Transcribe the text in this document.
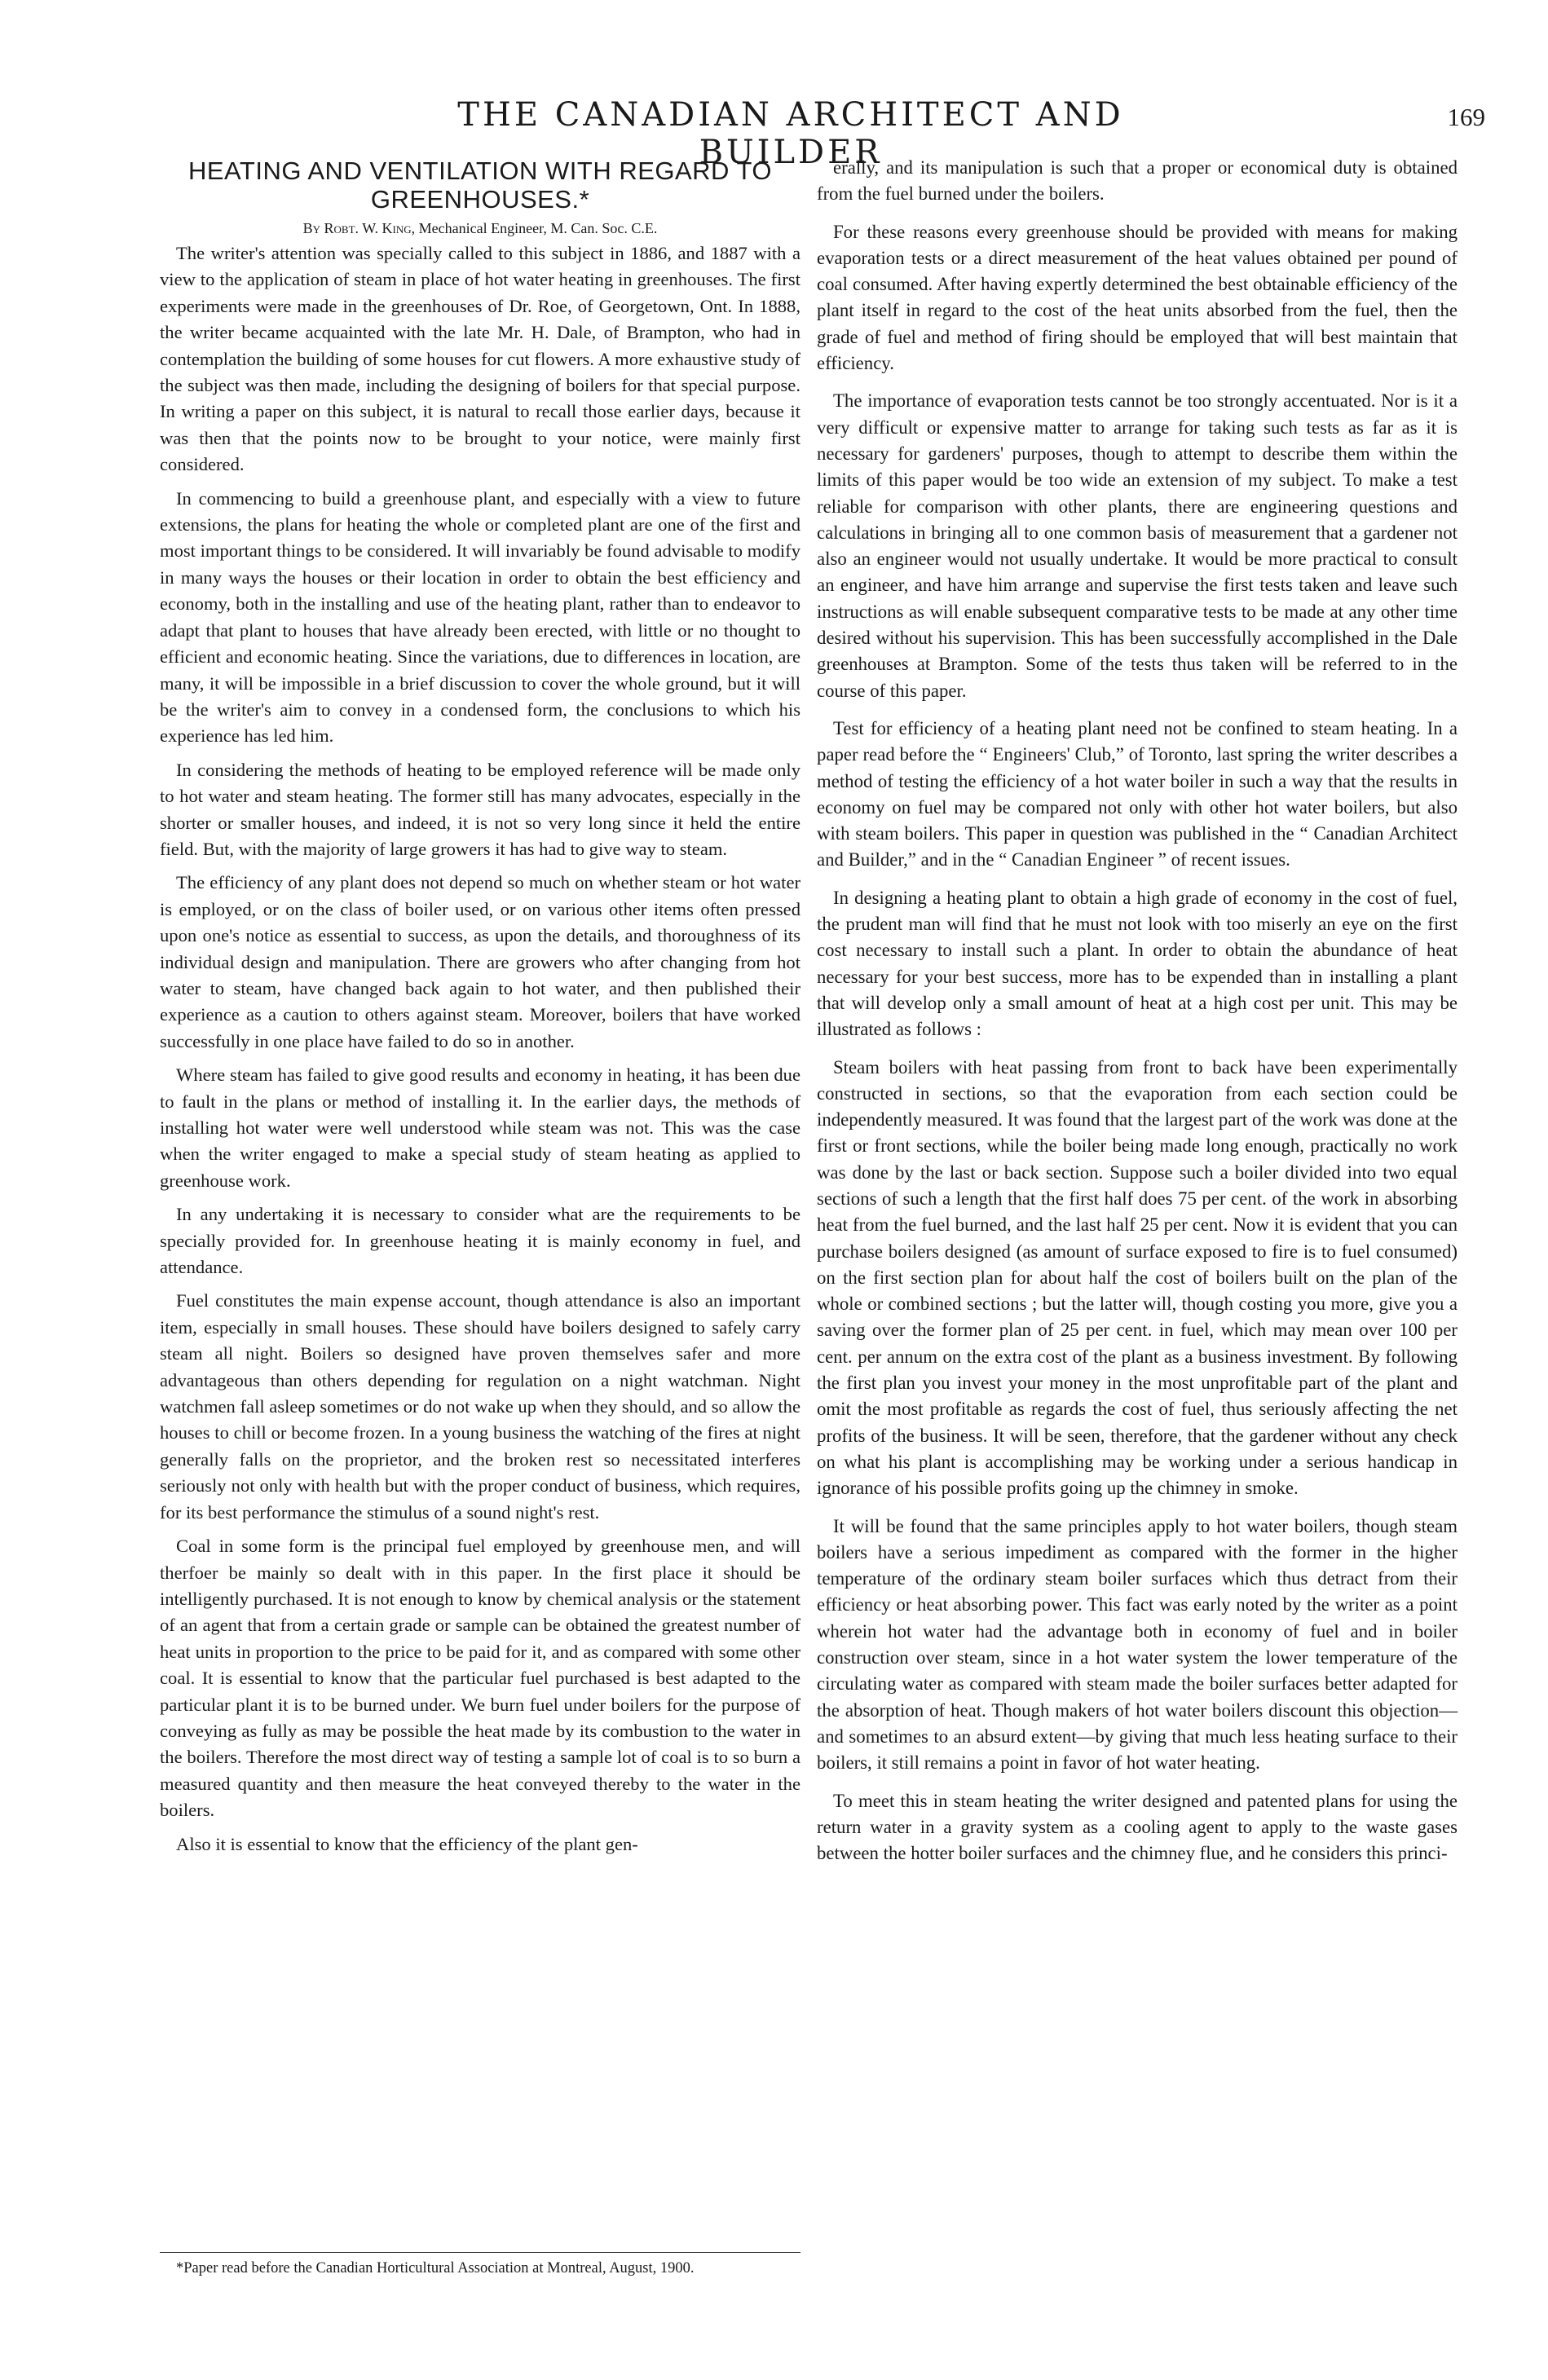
THE CANADIAN ARCHITECT AND BUILDER
169
HEATING AND VENTILATION WITH REGARD TO GREENHOUSES.*

By Robt. W. King, Mechanical Engineer, M. Can. Soc. C.E.

The writer's attention was specially called to this subject in 1886, and 1887 with a view to the application of steam in place of hot water heating in greenhouses. The first experiments were made in the greenhouses of Dr. Roe, of Georgetown, Ont. In 1888, the writer became acquainted with the late Mr. H. Dale, of Brampton, who had in contemplation the building of some houses for cut flowers. A more exhaustive study of the subject was then made, including the designing of boilers for that special purpose. In writing a paper on this subject, it is natural to recall those earlier days, because it was then that the points now to be brought to your notice, were mainly first considered.

In commencing to build a greenhouse plant, and especially with a view to future extensions, the plans for heating the whole or completed plant are one of the first and most important things to be considered. It will invariably be found advisable to modify in many ways the houses or their location in order to obtain the best efficiency and economy, both in the installing and use of the heating plant, rather than to endeavor to adapt that plant to houses that have already been erected, with little or no thought to efficient and economic heating. Since the variations, due to differences in location, are many, it will be impossible in a brief discussion to cover the whole ground, but it will be the writer's aim to convey in a condensed form, the conclusions to which his experience has led him.

In considering the methods of heating to be employed reference will be made only to hot water and steam heating. The former still has many advocates, especially in the shorter or smaller houses, and indeed, it is not so very long since it held the entire field. But, with the majority of large growers it has had to give way to steam.

The efficiency of any plant does not depend so much on whether steam or hot water is employed, or on the class of boiler used, or on various other items often pressed upon one's notice as essential to success, as upon the details, and thoroughness of its individual design and manipulation. There are growers who after changing from hot water to steam, have changed back again to hot water, and then published their experience as a caution to others against steam. Moreover, boilers that have worked successfully in one place have failed to do so in another.

Where steam has failed to give good results and economy in heating, it has been due to fault in the plans or method of installing it. In the earlier days, the methods of installing hot water were well understood while steam was not. This was the case when the writer engaged to make a special study of steam heating as applied to greenhouse work.

In any undertaking it is necessary to consider what are the requirements to be specially provided for. In greenhouse heating it is mainly economy in fuel, and attendance.

Fuel constitutes the main expense account, though attendance is also an important item, especially in small houses. These should have boilers designed to safely carry steam all night. Boilers so designed have proven themselves safer and more advantageous than others depending for regulation on a night watchman. Night watchmen fall asleep sometimes or do not wake up when they should, and so allow the houses to chill or become frozen. In a young business the watching of the fires at night generally falls on the proprietor, and the broken rest so necessitated interferes seriously not only with health but with the proper conduct of business, which requires, for its best performance the stimulus of a sound night's rest.

Coal in some form is the principal fuel employed by greenhouse men, and will therfoer be mainly so dealt with in this paper. In the first place it should be intelligently purchased. It is not enough to know by chemical analysis or the statement of an agent that from a certain grade or sample can be obtained the greatest number of heat units in proportion to the price to be paid for it, and as compared with some other coal. It is essential to know that the particular fuel purchased is best adapted to the particular plant it is to be burned under. We burn fuel under boilers for the purpose of conveying as fully as may be possible the heat made by its combustion to the water in the boilers. Therefore the most direct way of testing a sample lot of coal is to so burn a measured quantity and then measure the heat conveyed thereby to the water in the boilers.

Also it is essential to know that the efficiency of the plant gen-

*Paper read before the Canadian Horticultural Association at Montreal, August, 1900.

erally, and its manipulation is such that a proper or economical duty is obtained from the fuel burned under the boilers.

For these reasons every greenhouse should be provided with means for making evaporation tests or a direct measurement of the heat values obtained per pound of coal consumed. After having expertly determined the best obtainable efficiency of the plant itself in regard to the cost of the heat units absorbed from the fuel, then the grade of fuel and method of firing should be employed that will best maintain that efficiency.

The importance of evaporation tests cannot be too strongly accentuated. Nor is it a very difficult or expensive matter to arrange for taking such tests as far as it is necessary for gardeners' purposes, though to attempt to describe them within the limits of this paper would be too wide an extension of my subject. To make a test reliable for comparison with other plants, there are engineering questions and calculations in bringing all to one common basis of measurement that a gardener not also an engineer would not usually undertake. It would be more practical to consult an engineer, and have him arrange and supervise the first tests taken and leave such instructions as will enable subsequent comparative tests to be made at any other time desired without his supervision. This has been successfully accomplished in the Dale greenhouses at Brampton. Some of the tests thus taken will be referred to in the course of this paper.

Test for efficiency of a heating plant need not be confined to steam heating. In a paper read before the “ Engineers' Club,” of Toronto, last spring the writer describes a method of testing the efficiency of a hot water boiler in such a way that the results in economy on fuel may be compared not only with other hot water boilers, but also with steam boilers. This paper in question was published in the “ Canadian Architect and Builder,” and in the “ Canadian Engineer ” of recent issues.

In designing a heating plant to obtain a high grade of economy in the cost of fuel, the prudent man will find that he must not look with too miserly an eye on the first cost necessary to install such a plant. In order to obtain the abundance of heat necessary for your best success, more has to be expended than in installing a plant that will develop only a small amount of heat at a high cost per unit. This may be illustrated as follows :

Steam boilers with heat passing from front to back have been experimentally constructed in sections, so that the evaporation from each section could be independently measured. It was found that the largest part of the work was done at the first or front sections, while the boiler being made long enough, practically no work was done by the last or back section. Suppose such a boiler divided into two equal sections of such a length that the first half does 75 per cent. of the work in absorbing heat from the fuel burned, and the last half 25 per cent. Now it is evident that you can purchase boilers designed (as amount of surface exposed to fire is to fuel consumed) on the first section plan for about half the cost of boilers built on the plan of the whole or combined sections ; but the latter will, though costing you more, give you a saving over the former plan of 25 per cent. in fuel, which may mean over 100 per cent. per annum on the extra cost of the plant as a business investment. By following the first plan you invest your money in the most unprofitable part of the plant and omit the most profitable as regards the cost of fuel, thus seriously affecting the net profits of the business. It will be seen, therefore, that the gardener without any check on what his plant is accomplishing may be working under a serious handicap in ignorance of his possible profits going up the chimney in smoke.

It will be found that the same principles apply to hot water boilers, though steam boilers have a serious impediment as compared with the former in the higher temperature of the ordinary steam boiler surfaces which thus detract from their efficiency or heat absorbing power. This fact was early noted by the writer as a point wherein hot water had the advantage both in economy of fuel and in boiler construction over steam, since in a hot water system the lower temperature of the circulating water as compared with steam made the boiler surfaces better adapted for the absorption of heat. Though makers of hot water boilers discount this objection—and sometimes to an absurd extent—by giving that much less heating surface to their boilers, it still remains a point in favor of hot water heating.

To meet this in steam heating the writer designed and patented plans for using the return water in a gravity system as a cooling agent to apply to the waste gases between the hotter boiler surfaces and the chimney flue, and he considers this princi-
